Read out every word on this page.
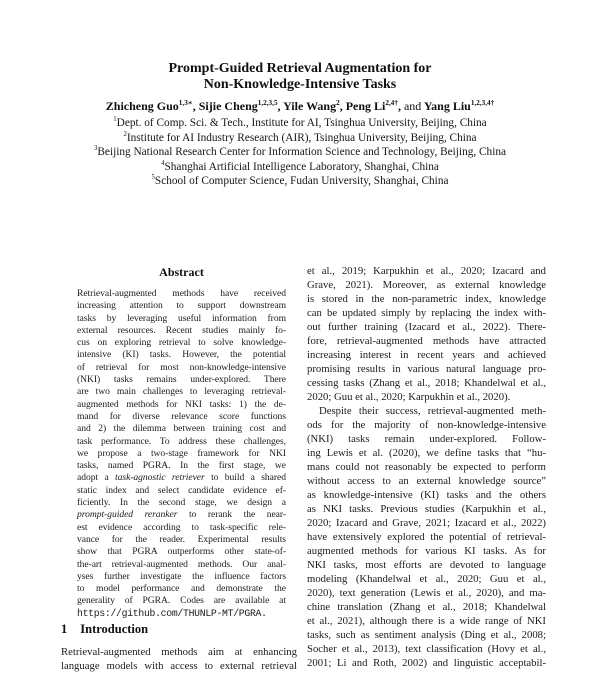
Prompt-Guided Retrieval Augmentation for
Non-Knowledge-Intensive Tasks
Zhicheng Guo$^{1,3∗}$, Sijie Cheng$^{1,2,3,5}$, Yile Wang$^2$, Peng $Li^{2,4\dagger}$, and Yang Liu$^{1,2,3,4\dagger}$
$^1$Dept. of Comp. Sci. & Tech., Institute for AI, Tsinghua University, Beijing, China
$^2$Institute for AI Industry Research (AIR), Tsinghua University, Beijing, China
$^3$Beijing National Research Center for Information Science and Technology, Beijing, China
$^4$Shanghai Artificial Intelligence Laboratory, Shanghai, China
$^5$School of Computer Science, Fudan University, Shanghai, China
Abstract
Retrieval-augmented methods have received
increasing attention to support downstream
tasks by leveraging useful information from
external resources. Recent studies mainly fo-
cus on exploring retrieval to solve knowledge-
intensive (KI) tasks. However, the potential
of retrieval for most non-knowledge-intensive
(NKI) tasks remains under-explored. There
are two main challenges to leveraging retrieval-
augmented methods for NKI tasks: 1) the de-
mand for diverse relevance score functions
and 2) the dilemma between training cost and
task performance. To address these challenges,
we propose a two-stage framework for NKI
tasks, named PGRA. In the first stage, we
adopt a task-agnostic retriever to build a shared
static index and select candidate evidence ef-
ficiently. In the second stage, we design a
prompt-guided reranker to rerank the near-
est evidence according to task-specific rele-
vance for the reader. Experimental results
show that PGRA outperforms other state-of-
the-art retrieval-augmented methods. Our anal-
yses further investigate the influence factors
to model performance and demonstrate the
generality of PGRA. Codes are available at
https://github.com/THUNLP-MT/PGRA.
1 Introduction
Retrieval-augmented methods aim at enhancing
language models with access to external retrieval
et al., 2019; Karpukhin et al., 2020; Izacard and
Grave, 2021). Moreover, as external knowledge
is stored in the non-parametric index, knowledge
can be updated simply by replacing the index with-
out further training (Izacard et al., 2022). There-
fore, retrieval-augmented methods have attracted
increasing interest in recent years and achieved
promising results in various natural language pro-
cessing tasks (Zhang et al., 2018; Khandelwal et al.,
2020; Guu et al., 2020; Karpukhin et al., 2020).
Despite their success, retrieval-augmented meth-
ods for the majority of non-knowledge-intensive
(NKI) tasks remain under-explored. Follow-
ing Lewis et al. (2020), we define tasks that “hu-
mans could not reasonably be expected to perform
without access to an external knowledge source”
as knowledge-intensive (KI) tasks and the others
as NKI tasks. Previous studies (Karpukhin et al.,
2020; Izacard and Grave, 2021; Izacard et al., 2022)
have extensively explored the potential of retrieval-
augmented methods for various KI tasks. As for
NKI tasks, most efforts are devoted to language
modeling (Khandelwal et al., 2020; Guu et al.,
2020), text generation (Lewis et al., 2020), and ma-
chine translation (Zhang et al., 2018; Khandelwal
et al., 2021), although there is a wide range of NKI
tasks, such as sentiment analysis (Ding et al., 2008;
Socher et al., 2013), text classification (Hovy et al.,
2001; Li and Roth, 2002) and linguistic acceptabil-
